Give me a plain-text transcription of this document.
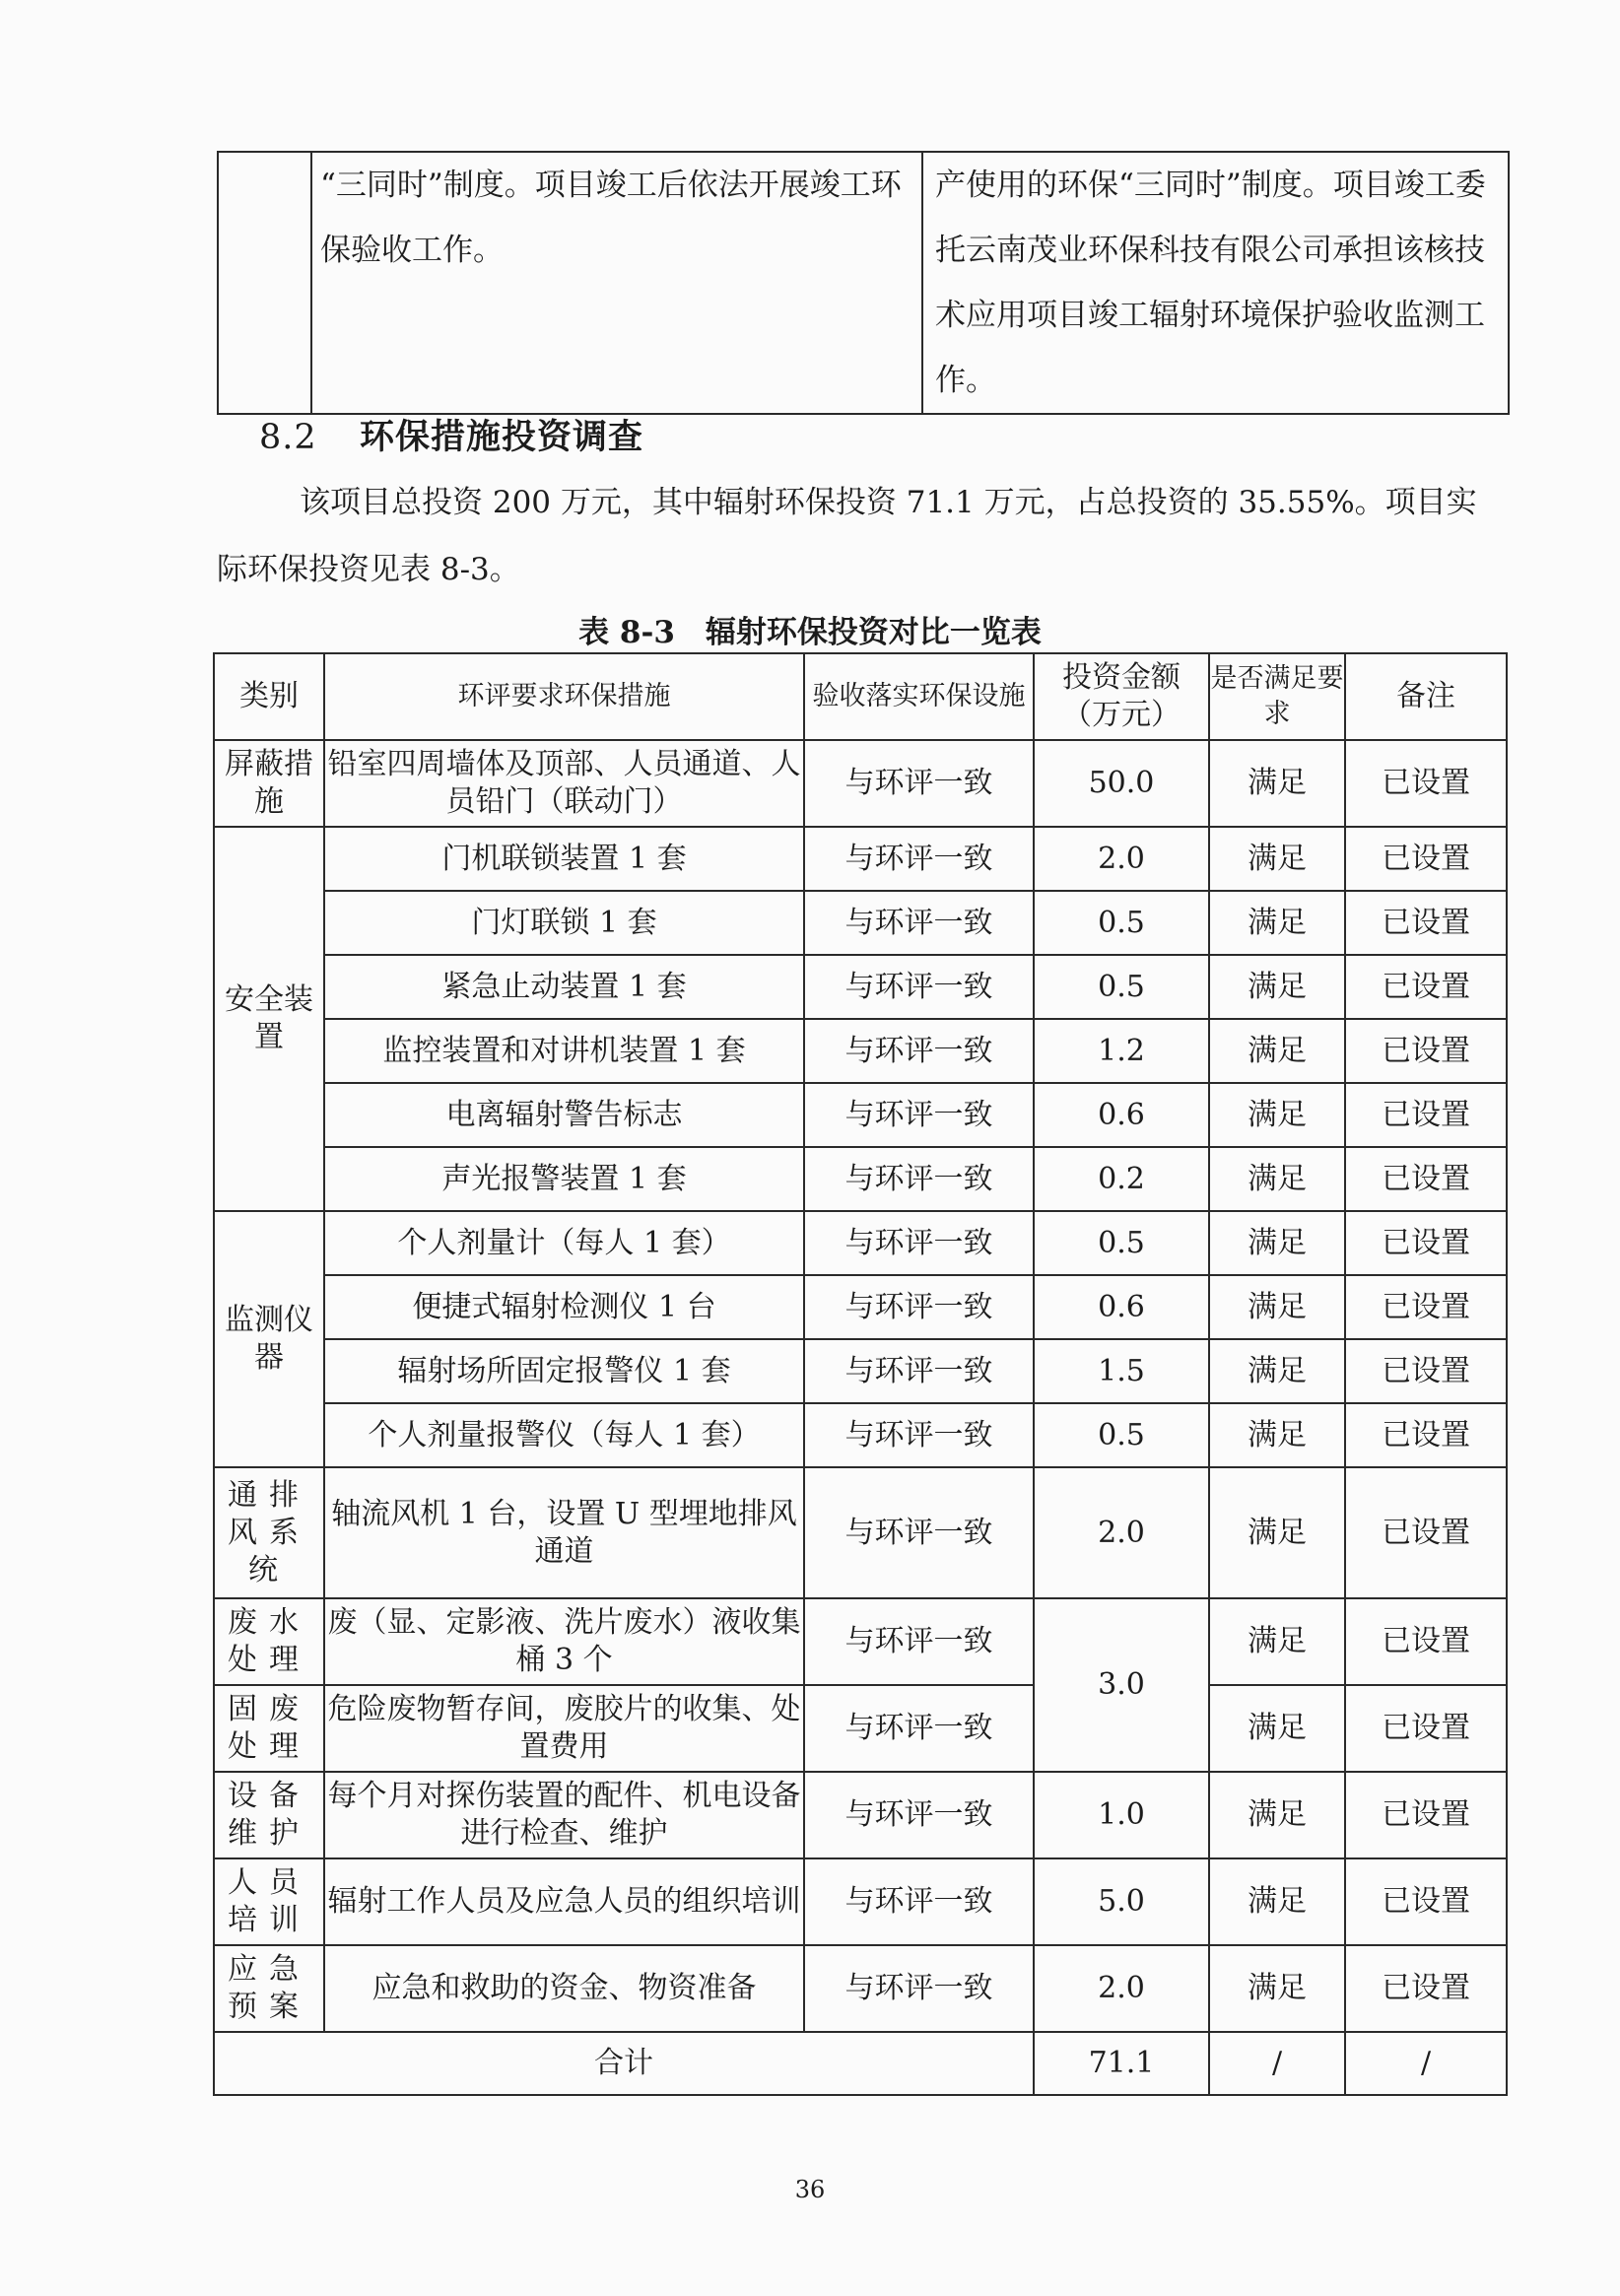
	“三同时”制度。项目竣工后依法开展竣工环保验收工作。	产使用的环保“三同时”制度。项目竣工委托云南茂业环保科技有限公司承担该核技术应用项目竣工辐射环境保护验收监测工作。
8.2 环保措施投资调查

该项目总投资 200 万元，其中辐射环保投资 71.1 万元，占总投资的 35.55%。项目实际环保投资见表 8-3。

表 8-3　辐射环保投资对比一览表
类别	环评要求环保措施	验收落实环保设施	投资金额（万元）	是否满足要求	备注
屏蔽措施	铅室四周墙体及顶部、人员通道、人员铅门（联动门）	与环评一致	50.0	满足	已设置
安全装置	门机联锁装置 1 套	与环评一致	2.0	满足	已设置
	门灯联锁 1 套	与环评一致	0.5	满足	已设置
	紧急止动装置 1 套	与环评一致	0.5	满足	已设置
	监控装置和对讲机装置 1 套	与环评一致	1.2	满足	已设置
	电离辐射警告标志	与环评一致	0.6	满足	已设置
	声光报警装置 1 套	与环评一致	0.2	满足	已设置
监测仪器	个人剂量计（每人 1 套）	与环评一致	0.5	满足	已设置
	便捷式辐射检测仪 1 台	与环评一致	0.6	满足	已设置
	辐射场所固定报警仪 1 套	与环评一致	1.5	满足	已设置
	个人剂量报警仪（每人 1 套）	与环评一致	0.5	满足	已设置
通排风系统	轴流风机 1 台，设置 U 型埋地排风通道	与环评一致	2.0	满足	已设置
废水处理	废（显、定影液、洗片废水）液收集桶 3 个	与环评一致	3.0	满足	已设置
固废处理	危险废物暂存间，废胶片的收集、处置费用	与环评一致		满足	已设置
设备维护	每个月对探伤装置的配件、机电设备进行检查、维护	与环评一致	1.0	满足	已设置
人员培训	辐射工作人员及应急人员的组织培训	与环评一致	5.0	满足	已设置
应急预案	应急和救助的资金、物资准备	与环评一致	2.0	满足	已设置
合计			71.1	/	/
36
